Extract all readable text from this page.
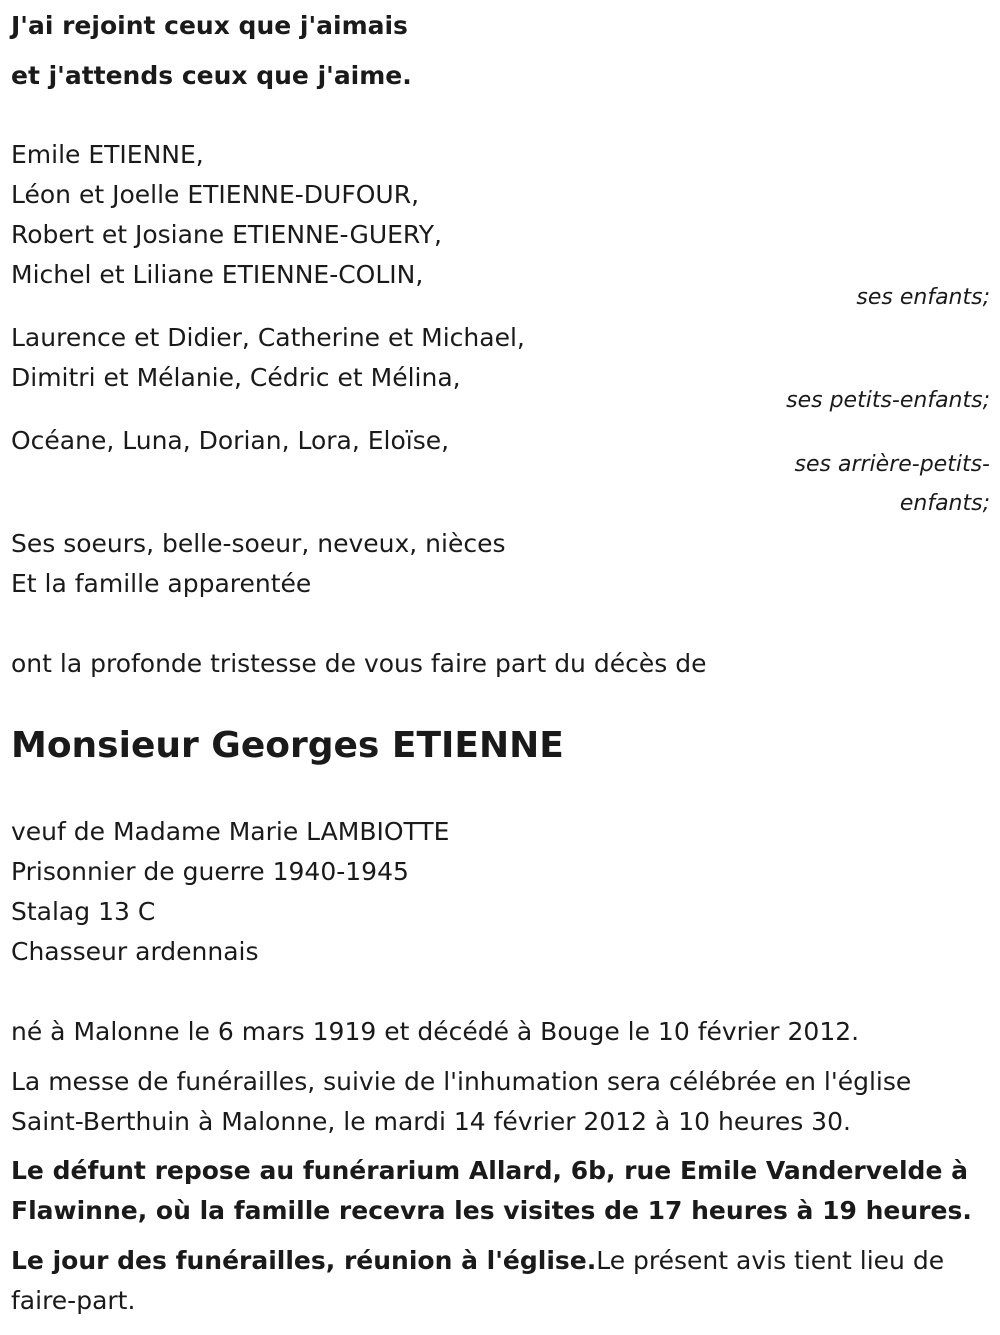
J'ai rejoint ceux que j'aimais
et j'attends ceux que j'aime.
Emile ETIENNE,
Léon et Joelle ETIENNE-DUFOUR,
Robert et Josiane ETIENNE-GUERY,
Michel et Liliane ETIENNE-COLIN,
ses enfants;
Laurence et Didier, Catherine et Michael,
Dimitri et Mélanie, Cédric et Mélina,
ses petits-enfants;
Océane, Luna, Dorian, Lora, Eloïse,
ses arrière-petits-
enfants;
Ses soeurs, belle-soeur, neveux, nièces
Et la famille apparentée
ont la profonde tristesse de vous faire part du décès de
Monsieur Georges ETIENNE
veuf de Madame Marie LAMBIOTTE
Prisonnier de guerre 1940-1945
Stalag 13 C
Chasseur ardennais
né à Malonne le 6 mars 1919 et décédé à Bouge le 10 février 2012.
La messe de funérailles, suivie de l'inhumation sera célébrée en l'église
Saint-Berthuin à Malonne, le mardi 14 février 2012 à 10 heures 30.
Le défunt repose au funérarium Allard, 6b, rue Emile Vandervelde à
Flawinne, où la famille recevra les visites de 17 heures à 19 heures.
Le jour des funérailles, réunion à l'église.Le présent avis tient lieu de
faire-part.
